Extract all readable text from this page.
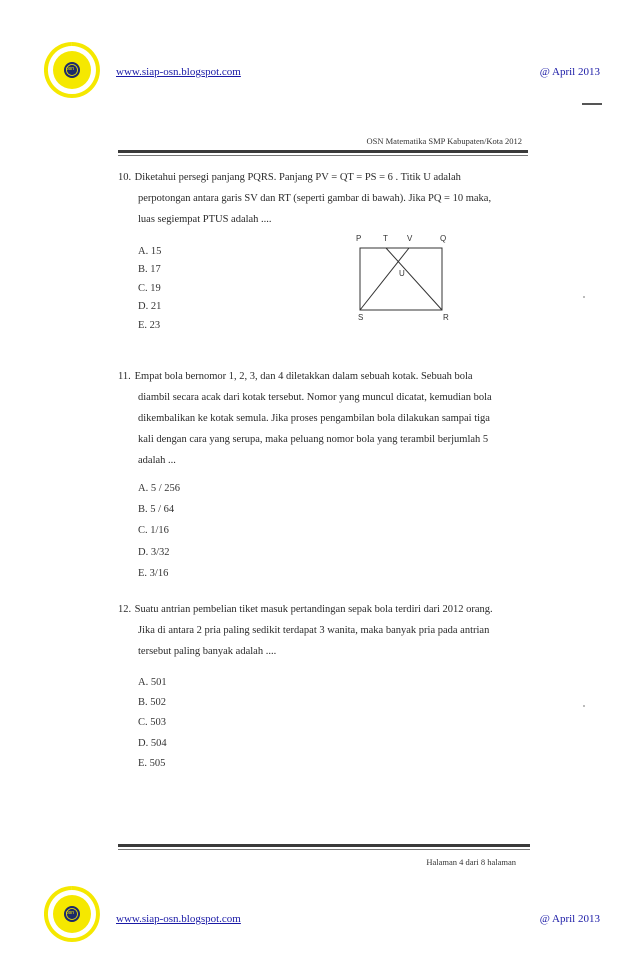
osn	www.siap-osn.blogspot.com	@ April 2013
OSN Matematika SMP Kabupaten/Kota 2012

10. Diketahui persegi panjang PQRS. Panjang PV = QT = PS = 6 . Titik U adalah

perpotongan antara garis SV dan RT (seperti gambar di bawah). Jika PQ = 10 maka,

luas segiempat PTUS adalah ....

A. 15
B. 17
C. 19
D. 21
E. 23
P	T V	Q
U
S	R

11. Empat bola bernomor 1, 2, 3, dan 4 diletakkan dalam sebuah kotak. Sebuah bola

diambil secara acak dari kotak tersebut. Nomor yang muncul dicatat, kemudian bola

dikembalikan ke kotak semula. Jika proses pengambilan bola dilakukan sampai tiga

kali dengan cara yang serupa, maka peluang nomor bola yang terambil berjumlah 5

adalah ...

A. 5 / 256
B. 5 / 64
C. 1/16
D. 3/32
E. 3/16

12. Suatu antrian pembelian tiket masuk pertandingan sepak bola terdiri dari 2012 orang.

Jika di antara 2 pria paling sedikit terdapat 3 wanita, maka banyak pria pada antrian

tersebut paling banyak adalah ....

A. 501
B. 502
C. 503
D. 504
E. 505
Halaman 4 dari 8 halaman
osn	www.siap-osn.blogspot.com	@ April 2013
